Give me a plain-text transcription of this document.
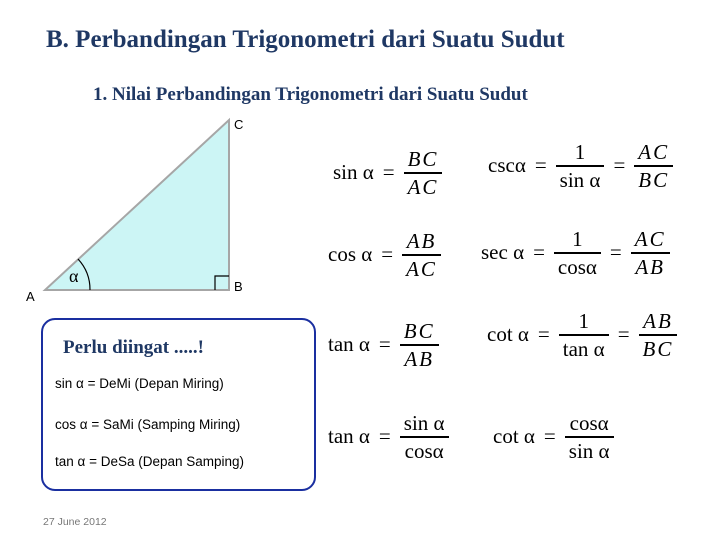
B. Perbandingan Trigonometri dari Suatu Sudut
1. Nilai Perbandingan Trigonometri dari Suatu Sudut
C
B
A
α
Perlu diingat .....!
sin α = DeMi (Depan Miring)
cos α = SaMi (Samping Miring)
tan α = DeSa (Depan Samping)
$\sin \alpha = \frac{BC}{AC}$
$\cos \alpha = \frac{AB}{AC}$
$\tan \alpha = \frac{BC}{AB}$
$\tan \alpha = \frac{\text{sin α}}{\cos\alpha}$
$\csc\alpha = \frac{1}{\text{sin α}} = \frac{AC}{BC}$
$\sec \alpha = \frac{1}{\cos\alpha} = \frac{AC}{AB}$
$\cot \alpha = \frac{1}{\text{tan α}} = \frac{AB}{BC}$
$\cot \alpha = \frac{\cos\alpha}{\text{sin α}}$
27 June 2012
